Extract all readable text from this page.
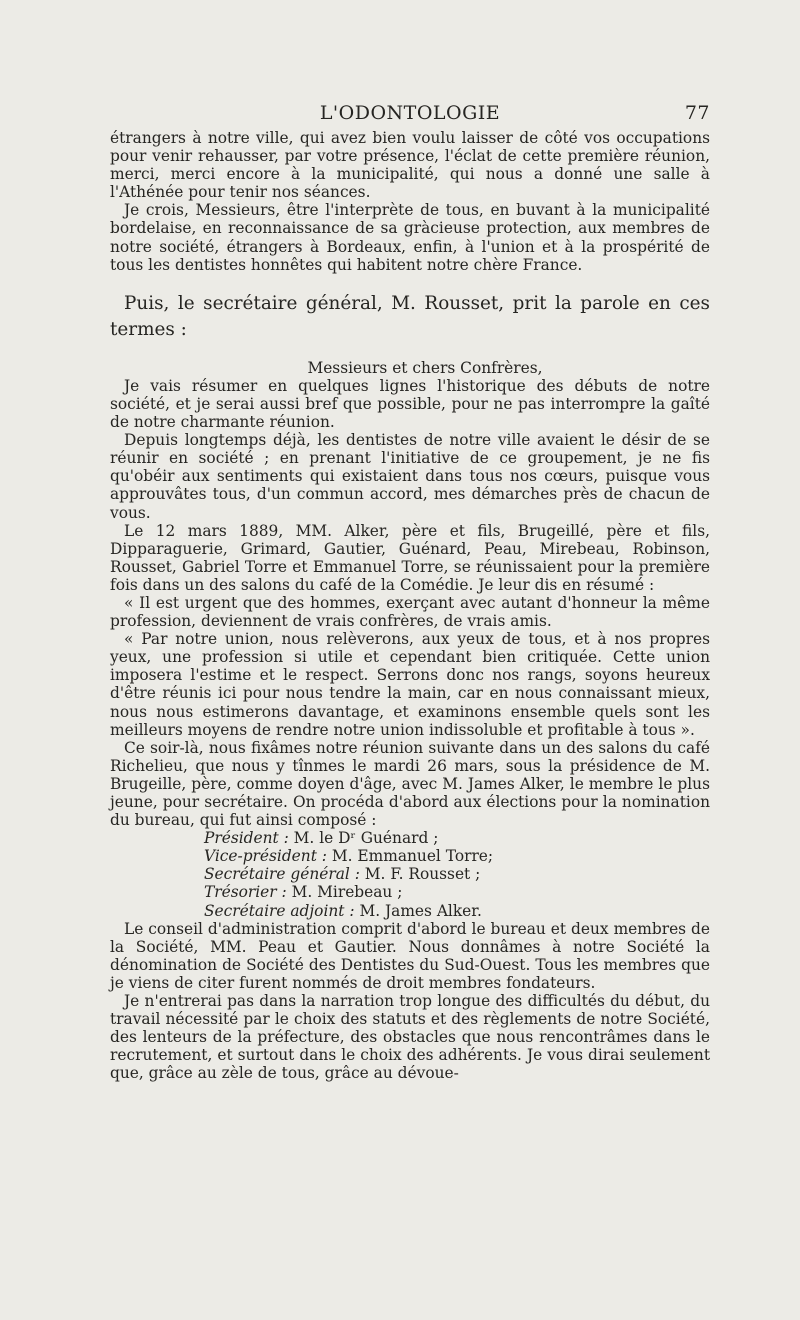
L'ODONTOLOGIE	77

étrangers à notre ville, qui avez bien voulu laisser de côté vos occupations pour venir rehausser, par votre présence, l'éclat de cette première réunion, merci, merci encore à la municipalité, qui nous a donné une salle à l'Athénée pour tenir nos séances.

Je crois, Messieurs, être l'interprète de tous, en buvant à la municipalité bordelaise, en reconnaissance de sa gràcieuse protection, aux membres de notre société, étrangers à Bordeaux, enfin, à l'union et à la prospérité de tous les dentistes honnêtes qui habitent notre chère France.

Puis, le secrétaire général, M. Rousset, prit la parole en ces termes :

Messieurs et chers Confrères,

Je vais résumer en quelques lignes l'historique des débuts de notre société, et je serai aussi bref que possible, pour ne pas interrompre la gaîté de notre charmante réunion.

Depuis longtemps déjà, les dentistes de notre ville avaient le désir de se réunir en société ; en prenant l'initiative de ce groupement, je ne fis qu'obéir aux sentiments qui existaient dans tous nos cœurs, puisque vous approuvâtes tous, d'un commun accord, mes démarches près de chacun de vous.

Le 12 mars 1889, MM. Alker, père et fils, Brugeillé, père et fils, Dipparaguerie, Grimard, Gautier, Guénard, Peau, Mirebeau, Robinson, Rousset, Gabriel Torre et Emmanuel Torre, se réunissaient pour la première fois dans un des salons du café de la Comédie. Je leur dis en résumé :

« Il est urgent que des hommes, exerçant avec autant d'honneur la même profession, deviennent de vrais confrères, de vrais amis.

« Par notre union, nous relèverons, aux yeux de tous, et à nos propres yeux, une profession si utile et cependant bien critiquée. Cette union imposera l'estime et le respect. Serrons donc nos rangs, soyons heureux d'être réunis ici pour nous tendre la main, car en nous connaissant mieux, nous nous estimerons davantage, et examinons ensemble quels sont les meilleurs moyens de rendre notre union indissoluble et profitable à tous ».

Ce soir-là, nous fixâmes notre réunion suivante dans un des salons du café Richelieu, que nous y tînmes le mardi 26 mars, sous la présidence de M. Brugeille, père, comme doyen d'âge, avec M. James Alker, le membre le plus jeune, pour secrétaire. On procéda d'abord aux élections pour la nomination du bureau, qui fut ainsi composé :

Président : M. le Dʳ Guénard ;
Vice-président : M. Emmanuel Torre;
Secrétaire général : M. F. Rousset ;
Trésorier : M. Mirebeau ;
Secrétaire adjoint : M. James Alker.

Le conseil d'administration comprit d'abord le bureau et deux membres de la Société, MM. Peau et Gautier. Nous donnâmes à notre Société la dénomination de Société des Dentistes du Sud-Ouest. Tous les membres que je viens de citer furent nommés de droit membres fondateurs.

Je n'entrerai pas dans la narration trop longue des difficultés du début, du travail nécessité par le choix des statuts et des règlements de notre Société, des lenteurs de la préfecture, des obstacles que nous rencontrâmes dans le recrutement, et surtout dans le choix des adhérents. Je vous dirai seulement que, grâce au zèle de tous, grâce au dévoue-
